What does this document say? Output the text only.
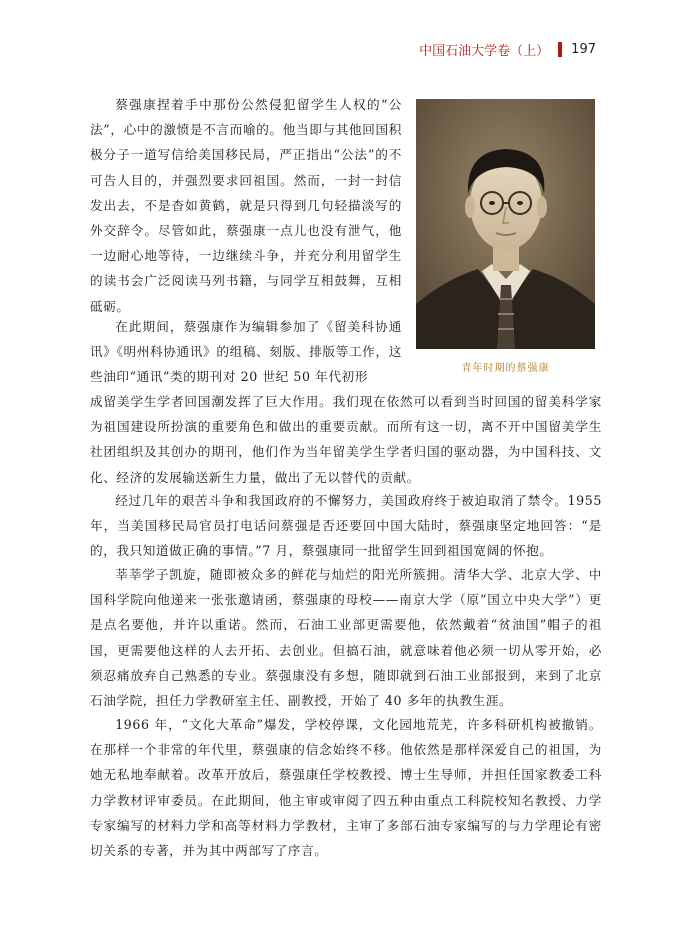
中国石油大学卷（上） 197

蔡强康捏着手中那份公然侵犯留学生人权的“公法”，心中的激愤是不言而喻的。他当即与其他回国积极分子一道写信给美国移民局，严正指出“公法”的不可告人目的，并强烈要求回祖国。然而，一封一封信发出去，不是杳如黄鹤，就是只得到几句轻描淡写的外交辞令。尽管如此，蔡强康一点儿也没有泄气，他一边耐心地等待，一边继续斗争，并充分利用留学生的读书会广泛阅读马列书籍，与同学互相鼓舞，互相砥砺。

在此期间，蔡强康作为编辑参加了《留美科协通讯》《明州科协通讯》的组稿、刻版、排版等工作，这些油印“通讯”类的期刊对 20 世纪 50 年代初形

青年时期的蔡强康

成留美学生学者回国潮发挥了巨大作用。我们现在依然可以看到当时回国的留美科学家为祖国建设所扮演的重要角色和做出的重要贡献。而所有这一切，离不开中国留美学生社团组织及其创办的期刊，他们作为当年留美学生学者归国的驱动器，为中国科技、文化、经济的发展输送新生力量，做出了无以替代的贡献。

经过几年的艰苦斗争和我国政府的不懈努力，美国政府终于被迫取消了禁令。1955 年，当美国移民局官员打电话问蔡强是否还要回中国大陆时，蔡强康坚定地回答：“是的，我只知道做正确的事情。”7 月，蔡强康同一批留学生回到祖国宽阔的怀抱。

莘莘学子凯旋，随即被众多的鲜花与灿烂的阳光所簇拥。清华大学、北京大学、中国科学院向他递来一张张邀请函，蔡强康的母校——南京大学（原“国立中央大学”）更是点名要他，并许以重诺。然而，石油工业部更需要他，依然戴着“贫油国”帽子的祖国，更需要他这样的人去开拓、去创业。但搞石油，就意味着他必须一切从零开始，必须忍痛放弃自己熟悉的专业。蔡强康没有多想，随即就到石油工业部报到，来到了北京石油学院，担任力学教研室主任、副教授，开始了 40 多年的执教生涯。

1966 年，“文化大革命”爆发，学校停课，文化园地荒芜，许多科研机构被撤销。在那样一个非常的年代里，蔡强康的信念始终不移。他依然是那样深爱自己的祖国，为她无私地奉献着。改革开放后，蔡强康任学校教授、博士生导师，并担任国家教委工科力学教材评审委员。在此期间，他主审或审阅了四五种由重点工科院校知名教授、力学专家编写的材料力学和高等材料力学教材，主审了多部石油专家编写的与力学理论有密切关系的专著，并为其中两部写了序言。
